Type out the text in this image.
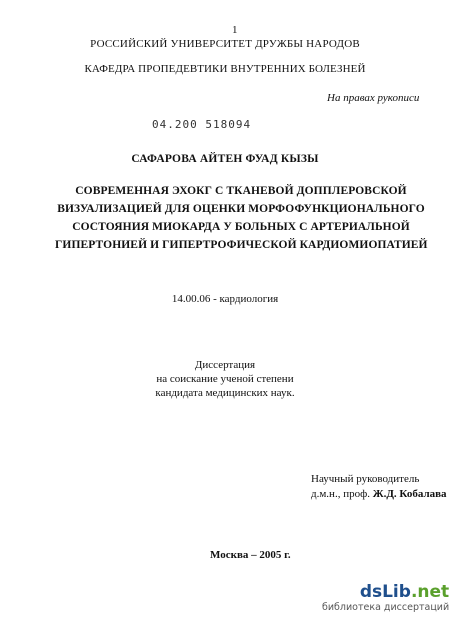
1
РОССИЙСКИЙ УНИВЕРСИТЕТ ДРУЖБЫ НАРОДОВ
КАФЕДРА ПРОПЕДЕВТИКИ ВНУТРЕННИХ БОЛЕЗНЕЙ
На правах рукописи
04.200 518094
САФАРОВА АЙТЕН ФУАД КЫЗЫ
СОВРЕМЕННАЯ ЭХОКГ С ТКАНЕВОЙ ДОППЛЕРОВСКОЙ
ВИЗУАЛИЗАЦИЕЙ ДЛЯ ОЦЕНКИ МОРФОФУНКЦИОНАЛЬНОГО
СОСТОЯНИЯ МИОКАРДА У БОЛЬНЫХ С АРТЕРИАЛЬНОЙ
ГИПЕРТОНИЕЙ И ГИПЕРТРОФИЧЕСКОЙ КАРДИОМИОПАТИЕЙ
14.00.06 - кардиология
Диссертация
на соискание ученой степени
кандидата медицинских наук.
Научный руководитель
д.м.н., проф. Ж.Д. Кобалава
Москва – 2005 г.
dsLib.net
библиотека диссертаций
